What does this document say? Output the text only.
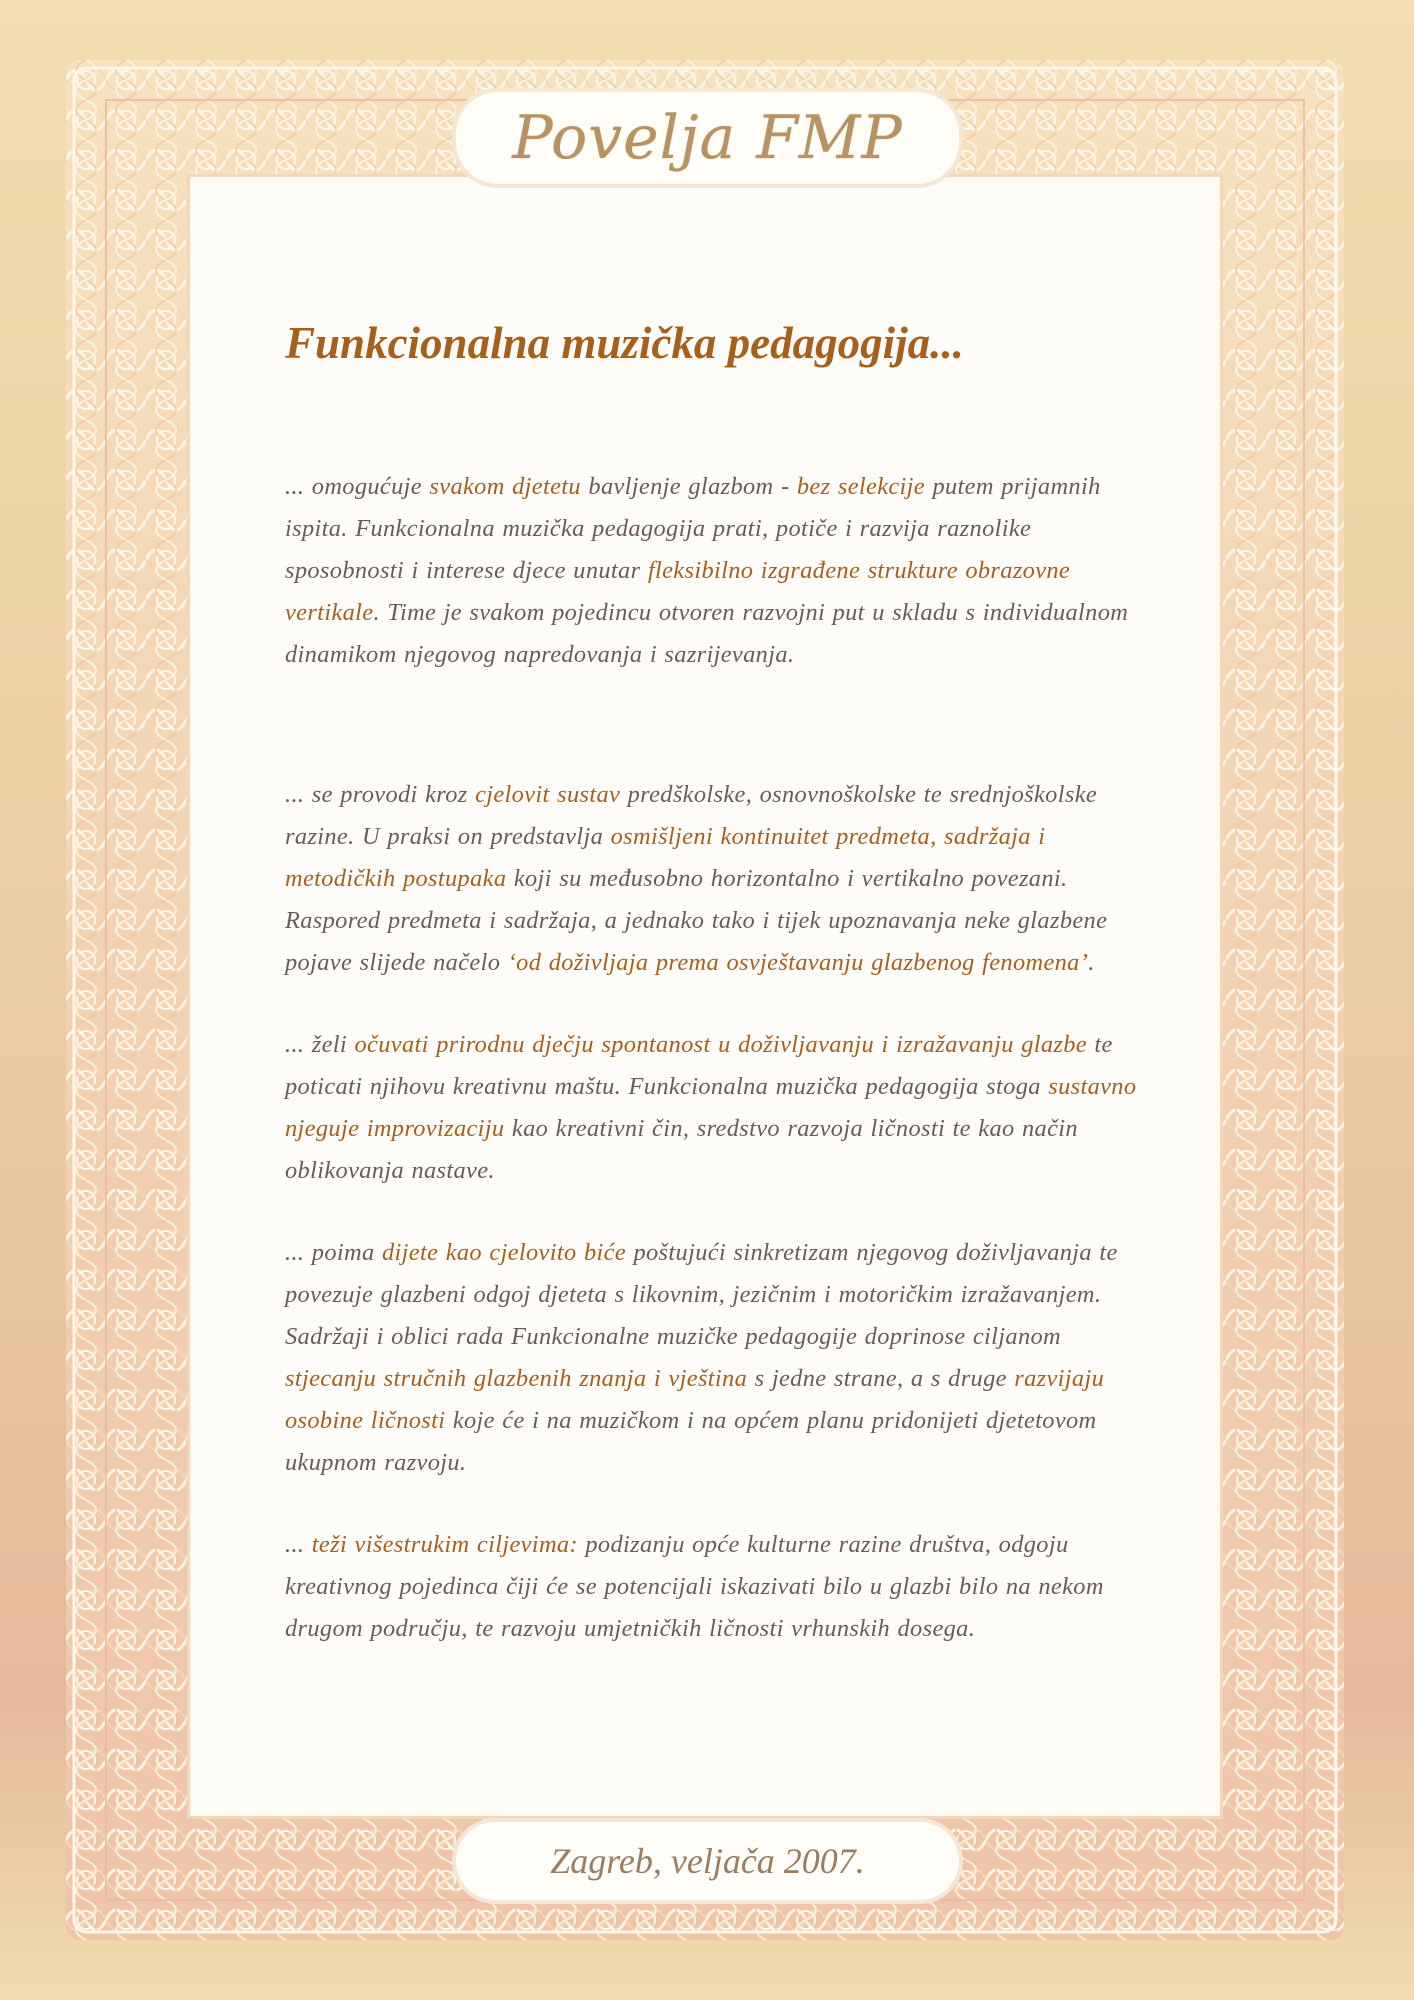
Povelja FMP
Funkcionalna muzička pedagogija...

... omogućuje svakom djetetu bavljenje glazbom - bez selekcije putem prijamnih ispita. Funkcionalna muzička pedagogija prati, potiče i razvija raznolike sposobnosti i interese djece unutar fleksibilno izgrađene strukture obrazovne vertikale. Time je svakom pojedincu otvoren razvojni put u skladu s individualnom dinamikom njegovog napredovanja i sazrijevanja.

... se provodi kroz cjelovit sustav predškolske, osnovnoškolske te srednjoškolske razine. U praksi on predstavlja osmišljeni kontinuitet predmeta, sadržaja i metodičkih postupaka koji su međusobno horizontalno i vertikalno povezani. Raspored predmeta i sadržaja, a jednako tako i tijek upoznavanja neke glazbene pojave slijede načelo ‘od doživljaja prema osvještavanju glazbenog fenomena’.

... želi očuvati prirodnu dječju spontanost u doživljavanju i izražavanju glazbe te poticati njihovu kreativnu maštu. Funkcionalna muzička pedagogija stoga sustavno njeguje improvizaciju kao kreativni čin, sredstvo razvoja ličnosti te kao način oblikovanja nastave.

... poima dijete kao cjelovito biće poštujući sinkretizam njegovog doživljavanja te povezuje glazbeni odgoj djeteta s likovnim, jezičnim i motoričkim izražavanjem. Sadržaji i oblici rada Funkcionalne muzičke pedagogije doprinose ciljanom stjecanju stručnih glazbenih znanja i vještina s jedne strane, a s druge razvijaju osobine ličnosti koje će i na muzičkom i na općem planu pridonijeti djetetovom ukupnom razvoju.

... teži višestrukim ciljevima: podizanju opće kulturne razine društva, odgoju kreativnog pojedinca čiji će se potencijali iskazivati bilo u glazbi bilo na nekom drugom području, te razvoju umjetničkih ličnosti vrhunskih dosega.

Zagreb, veljača 2007.
